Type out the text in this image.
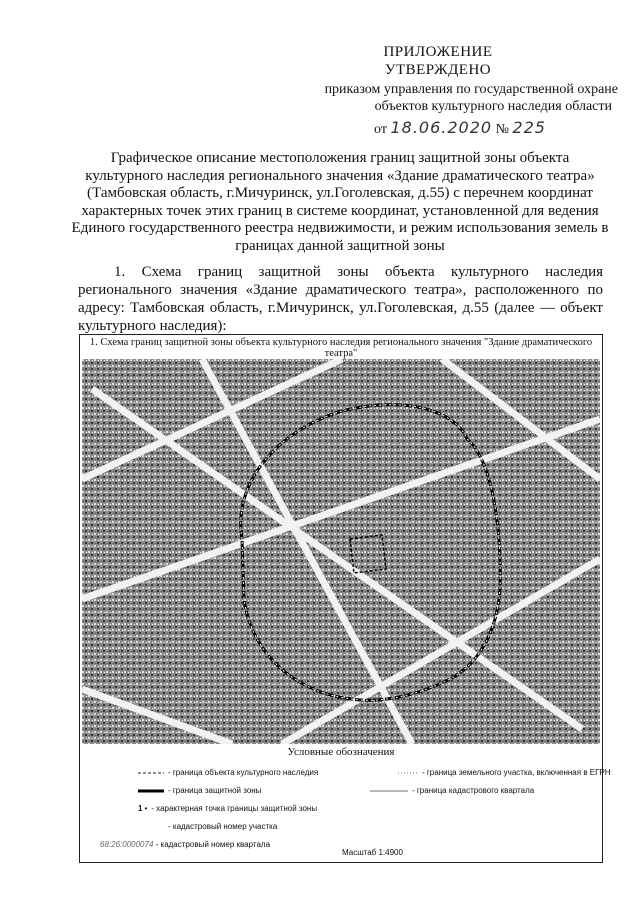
ПРИЛОЖЕНИЕ
УТВЕРЖДЕНО
приказом управления по государственной охране
объектов культурного наследия области
от 18.06.2020 № 225
Графическое описание местоположения границ защитной зоны объекта культурного наследия регионального значения «Здание драматического театра» (Тамбовская область, г.Мичуринск, ул.Гоголевская, д.55) с перечнем координат характерных точек этих границ в системе координат, установленной для ведения Единого государственного реестра недвижимости, и режим использования земель в границах данной защитной зоны
1. Схема границ защитной зоны объекта культурного наследия регионального значения «Здание драматического театра», расположенного по адресу: Тамбовская область, г.Мичуринск, ул.Гоголевская, д.55 (далее — объект культурного наследия):
1. Схема границ защитной зоны объекта культурного наследия регионального значения "Здание драматического театра"
Условные обозначения
- граница объекта культурного наследия
- граница защитной зоны
1 • - характерная точка границы защитной зоны
- кадастровый номер участка
68:26:0000074 - кадастровый номер квартала
- граница земельного участка, включенная в ЕГРН
- граница кадастрового квартала
Масштаб 1:4900
